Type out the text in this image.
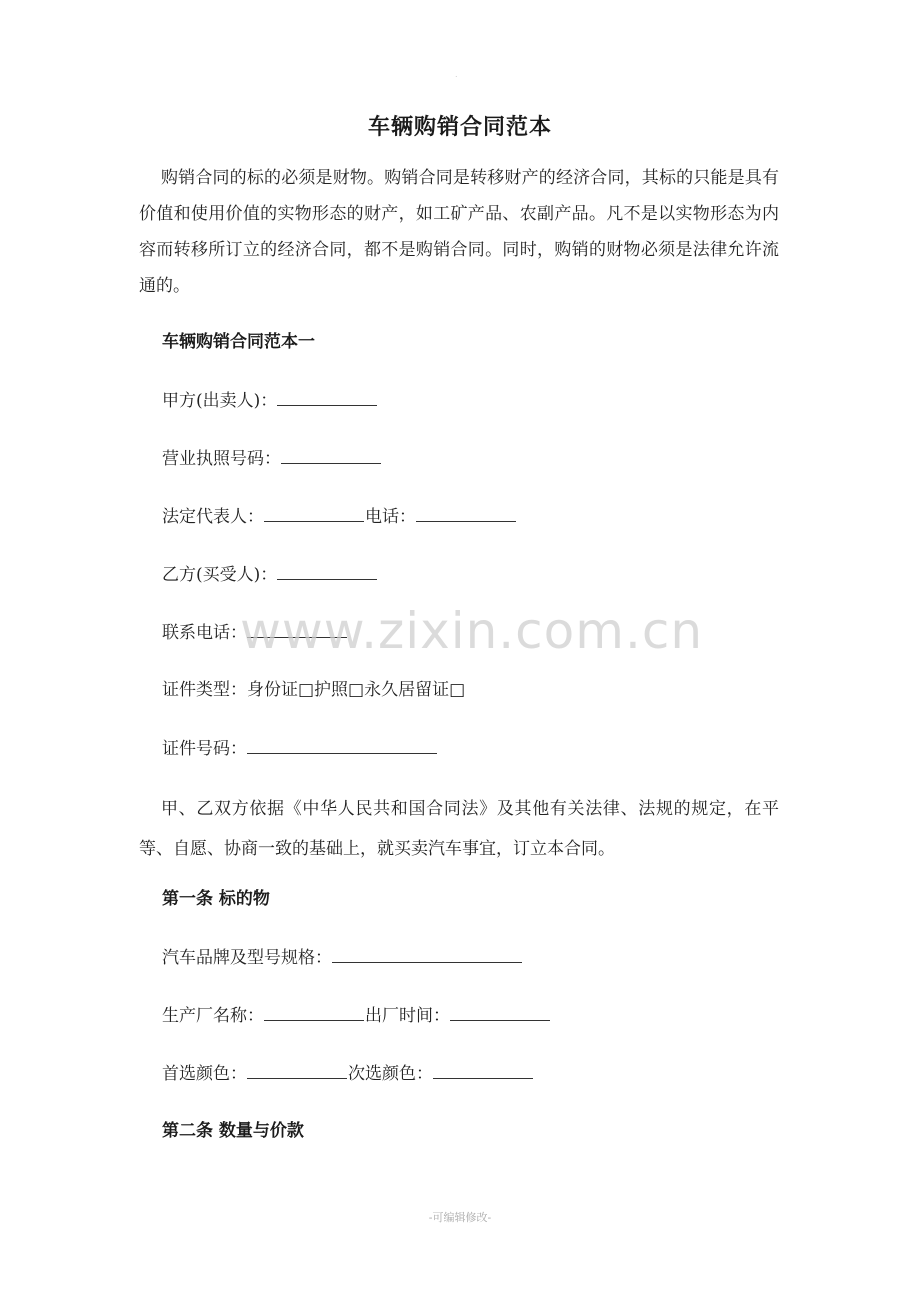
.
车辆购销合同范本

购销合同的标的必须是财物。购销合同是转移财产的经济合同，其标的只能是具有价值和使用价值的实物形态的财产，如工矿产品、农副产品。凡不是以实物形态为内容而转移所订立的经济合同，都不是购销合同。同时，购销的财物必须是法律允许流通的。

车辆购销合同范本一

甲方(出卖人)：

营业执照号码：

法定代表人：	电话：

乙方(买受人)：

联系电话：

证件类型：身份证□护照□永久居留证□

证件号码：

甲、乙双方依据《中华人民共和国合同法》及其他有关法律、法规的规定，在平等、自愿、协商一致的基础上，就买卖汽车事宜，订立本合同。

第一条 标的物

汽车品牌及型号规格：

生产厂名称：	出厂时间：

首选颜色：	次选颜色：

第二条 数量与价款

www.zixin.com.cn
-可编辑修改-
